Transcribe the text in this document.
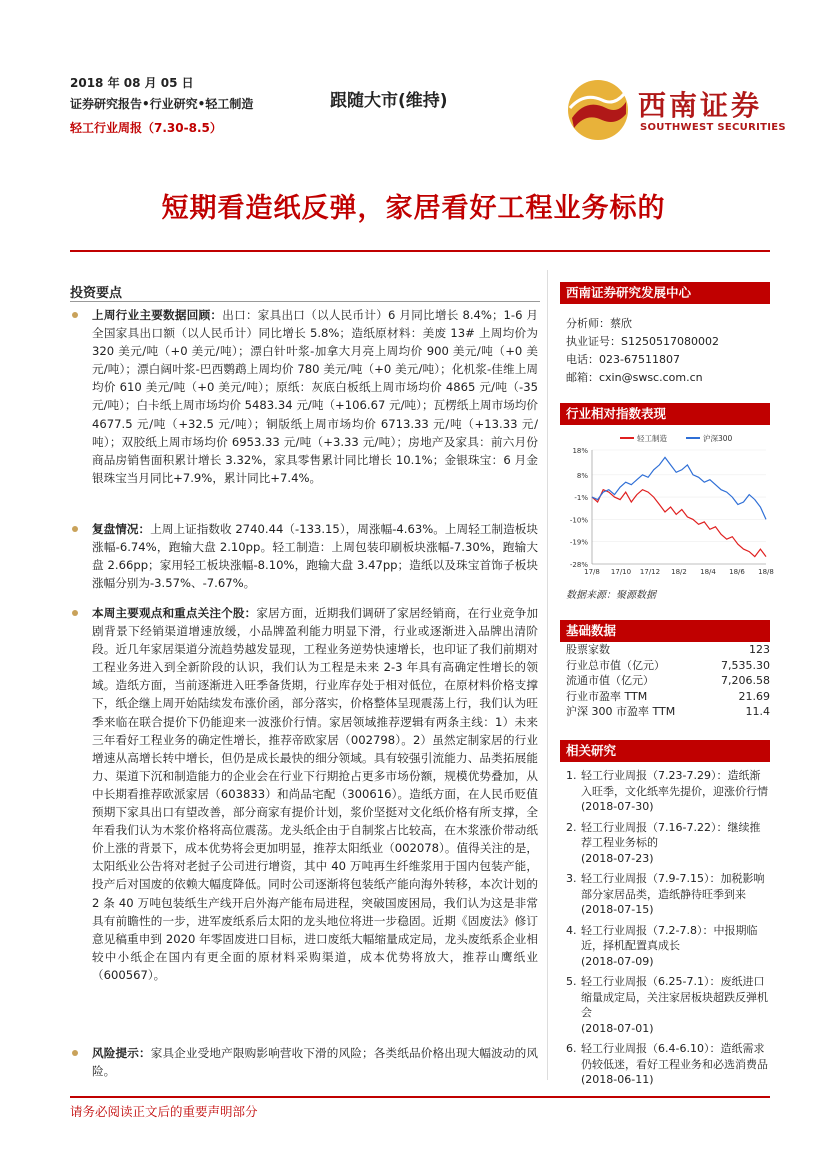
2018 年 08 月 05 日
证券研究报告•行业研究•轻工制造
轻工行业周报（7.30-8.5）
跟随大市(维持)	西南证券
SOUTHWEST SECURITIES
短期看造纸反弹，家居看好工程业务标的
投资要点
上周行业主要数据回顾：出口：家具出口（以人民币计）6 月同比增长 8.4%；1-6 月全国家具出口额（以人民币计）同比增长 5.8%；造纸原材料：美废 13# 上周均价为 320 美元/吨（+0 美元/吨）；漂白针叶浆-加拿大月亮上周均价 900 美元/吨（+0 美元/吨）；漂白阔叶浆-巴西鹦鹉上周均价 780 美元/吨（+0 美元/吨）；化机浆-佳维上周均价 610 美元/吨（+0 美元/吨）；原纸：灰底白板纸上周市场均价 4865 元/吨（-35 元/吨）；白卡纸上周市场均价 5483.34 元/吨（+106.67 元/吨）；瓦楞纸上周市场均价 4677.5 元/吨（+32.5 元/吨）；铜版纸上周市场均价 6713.33 元/吨（+13.33 元/吨）；双胶纸上周市场均价 6953.33 元/吨（+3.33 元/吨）；房地产及家具：前六月份商品房销售面积累计增长 3.32%，家具零售累计同比增长 10.1%；金银珠宝：6 月金银珠宝当月同比+7.9%，累计同比+7.4%。
复盘情况：上周上证指数收 2740.44（-133.15），周涨幅-4.63%。上周轻工制造板块涨幅-6.74%，跑输大盘 2.10pp。轻工制造：上周包装印刷板块涨幅-7.30%，跑输大盘 2.66pp；家用轻工板块涨幅-8.10%，跑输大盘 3.47pp；造纸以及珠宝首饰子板块涨幅分别为-3.57%、-7.67%。
本周主要观点和重点关注个股：家居方面，近期我们调研了家居经销商，在行业竞争加剧背景下经销渠道增速放缓，小品牌盈利能力明显下滑，行业或逐渐进入品牌出清阶段。近几年家居渠道分流趋势越发显现，工程业务逆势快速增长，也印证了我们前期对工程业务进入到全新阶段的认识，我们认为工程是未来 2-3 年具有高确定性增长的领域。造纸方面，当前逐渐进入旺季备货期，行业库存处于相对低位，在原材料价格支撑下，纸企继上周开始陆续发布涨价函，部分落实，价格整体呈现震荡上行，我们认为旺季来临在联合提价下仍能迎来一波涨价行情。家居领域推荐逻辑有两条主线：1）未来三年看好工程业务的确定性增长，推荐帝欧家居（002798）。2）虽然定制家居的行业增速从高增长转中增长，但仍是成长最快的细分领域。具有较强引流能力、品类拓展能力、渠道下沉和制造能力的企业会在行业下行期抢占更多市场份额，规模优势叠加，从中长期看推荐欧派家居（603833）和尚品宅配（300616）。造纸方面，在人民币贬值预期下家具出口有望改善，部分商家有提价计划，浆价坚挺对文化纸价格有所支撑，全年看我们认为木浆价格将高位震荡。龙头纸企由于自制浆占比较高，在木浆涨价带动纸价上涨的背景下，成本优势将会更加明显，推荐太阳纸业（002078）。值得关注的是，太阳纸业公告将对老挝子公司进行增资，其中 40 万吨再生纤维浆用于国内包装产能，投产后对国废的依赖大幅度降低。同时公司逐渐将包装纸产能向海外转移，本次计划的 2 条 40 万吨包装纸生产线开启外海产能布局进程，突破国废困局，我们认为这是非常具有前瞻性的一步，进军废纸系后太阳的龙头地位将进一步稳固。近期《固废法》修订意见稿重申到 2020 年零固废进口目标，进口废纸大幅缩量成定局，龙头废纸系企业相较中小纸企在国内有更全面的原材料采购渠道，成本优势将放大，推荐山鹰纸业（600567）。
风险提示：家具企业受地产限购影响营收下滑的风险；各类纸品价格出现大幅波动的风险。
西南证券研究发展中心
分析师：蔡欣
执业证号：S1250517080002
电话：023-67511807
邮箱：cxin@swsc.com.cn
行业相对指数表现
轻工制造	沪深300
18%
8%
-1%
-10%
-19%
-28%
17/8 17/10 17/12 18/2 18/4 18/6 18/8
数据来源：聚源数据
基础数据
股票家数	123
行业总市值（亿元）	7,535.30
流通市值（亿元）	7,206.58
行业市盈率 TTM	21.69
沪深 300 市盈率 TTM	11.4
相关研究
1. 轻工行业周报（7.23-7.29）：造纸渐入旺季，文化纸率先提价，迎涨价行情
(2018-07-30)
2. 轻工行业周报（7.16-7.22）：继续推荐工程业务标的
(2018-07-23)
3. 轻工行业周报（7.9-7.15）：加税影响部分家居品类，造纸静待旺季到来
(2018-07-15)
4. 轻工行业周报（7.2-7.8）：中报期临近，择机配置真成长
(2018-07-09)
5. 轻工行业周报（6.25-7.1）：废纸进口缩量成定局，关注家居板块超跌反弹机会
(2018-07-01)
6. 轻工行业周报（6.4-6.10）：造纸需求仍较低迷，看好工程业务和必选消费品
(2018-06-11)
请务必阅读正文后的重要声明部分
